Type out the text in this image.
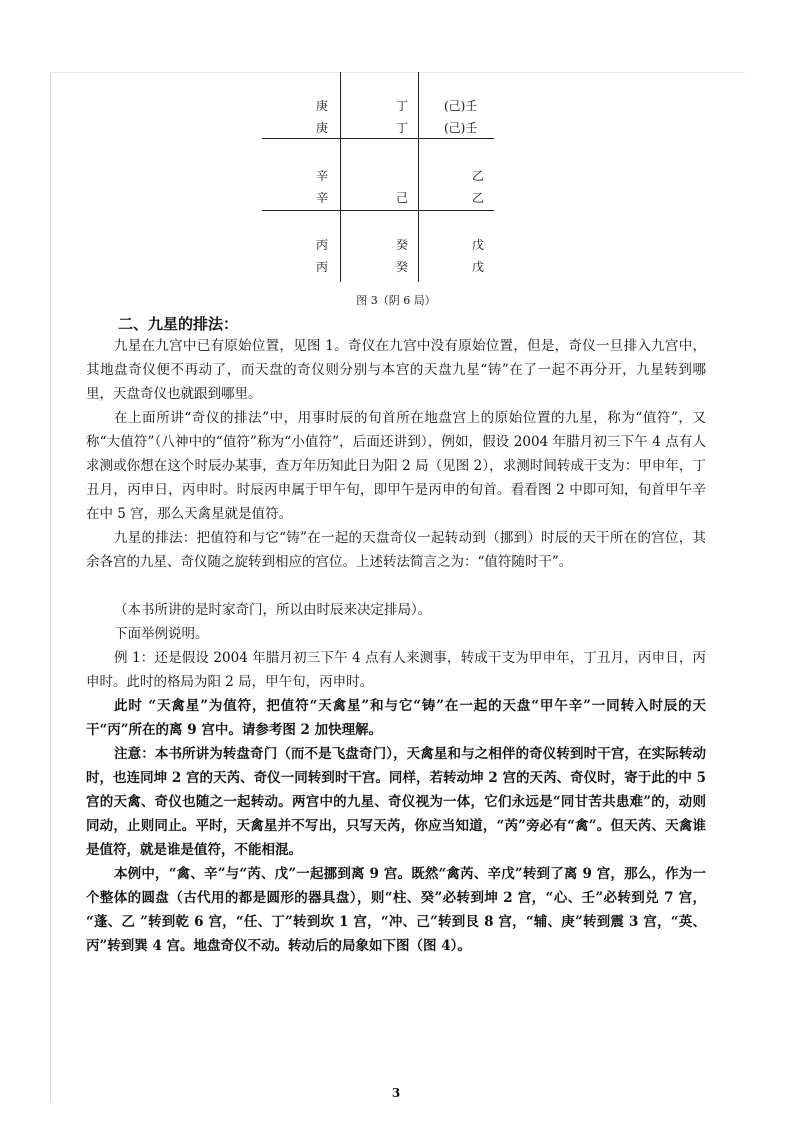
庚
庚
丁
丁
(己)壬
(己)壬
辛
辛	己
乙
乙
丙
丙
癸
癸
戊
戊
图 3（阴 6 局）
二、九星的排法：

九星在九宫中已有原始位置，见图 1。奇仪在九宫中没有原始位置，但是，奇仪一旦排入九宫中，其地盘奇仪便不再动了，而天盘的奇仪则分别与本宫的天盘九星“铸”在了一起不再分开，九星转到哪里，天盘奇仪也就跟到哪里。

在上面所讲“奇仪的排法”中，用事时辰的旬首所在地盘宫上的原始位置的九星，称为“值符”，又称“大值符”（八神中的“值符”称为“小值符”，后面还讲到），例如，假设 2004 年腊月初三下午 4 点有人求测或你想在这个时辰办某事，查万年历知此日为阳 2 局（见图 2），求测时间转成干支为：甲申年，丁丑月，丙申日，丙申时。时辰丙申属于甲午旬，即甲午是丙申的旬首。看看图 2 中即可知，旬首甲午辛在中 5 宫，那么天禽星就是值符。

九星的排法：把值符和与它“铸”在一起的天盘奇仪一起转动到（挪到）时辰的天干所在的宫位，其余各宫的九星、奇仪随之旋转到相应的宫位。上述转法简言之为：“值符随时干”。

（本书所讲的是时家奇门，所以由时辰来决定排局）。

下面举例说明。

例 1：还是假设 2004 年腊月初三下午 4 点有人来测事，转成干支为甲申年，丁丑月，丙申日，丙申时。此时的格局为阳 2 局，甲午旬，丙申时。

此时 “天禽星”为值符，把值符“天禽星”和与它“铸”在一起的天盘“甲午辛”一同转入时辰的天干“丙”所在的离 9 宫中。请参考图 2 加快理解。

注意：本书所讲为转盘奇门（而不是飞盘奇门），天禽星和与之相伴的奇仪转到时干宫，在实际转动时，也连同坤 2 宫的天芮、奇仪一同转到时干宫。同样，若转动坤 2 宫的天芮、奇仪时，寄于此的中 5 宫的天禽、奇仪也随之一起转动。两宫中的九星、奇仪视为一体，它们永远是“同甘苦共患难”的，动则同动，止则同止。平时，天禽星并不写出，只写天芮，你应当知道，“芮”旁必有“禽”。但天芮、天禽谁是值符，就是谁是值符，不能相混。

本例中，“禽、辛”与“芮、戊”一起挪到离 9 宫。既然“禽芮、辛戊”转到了离 9 宫，那么，作为一个整体的圆盘（古代用的都是圆形的器具盘），则“柱、癸”必转到坤 2 宫，“心、壬”必转到兑 7 宫， “蓬、乙 ”转到乾 6 宫，“任、丁”转到坎 1 宫，“冲、己”转到艮 8 宫，“辅、庚”转到震 3 宫，“英、丙”转到巽 4 宫。地盘奇仪不动。转动后的局象如下图（图 4）。

3
